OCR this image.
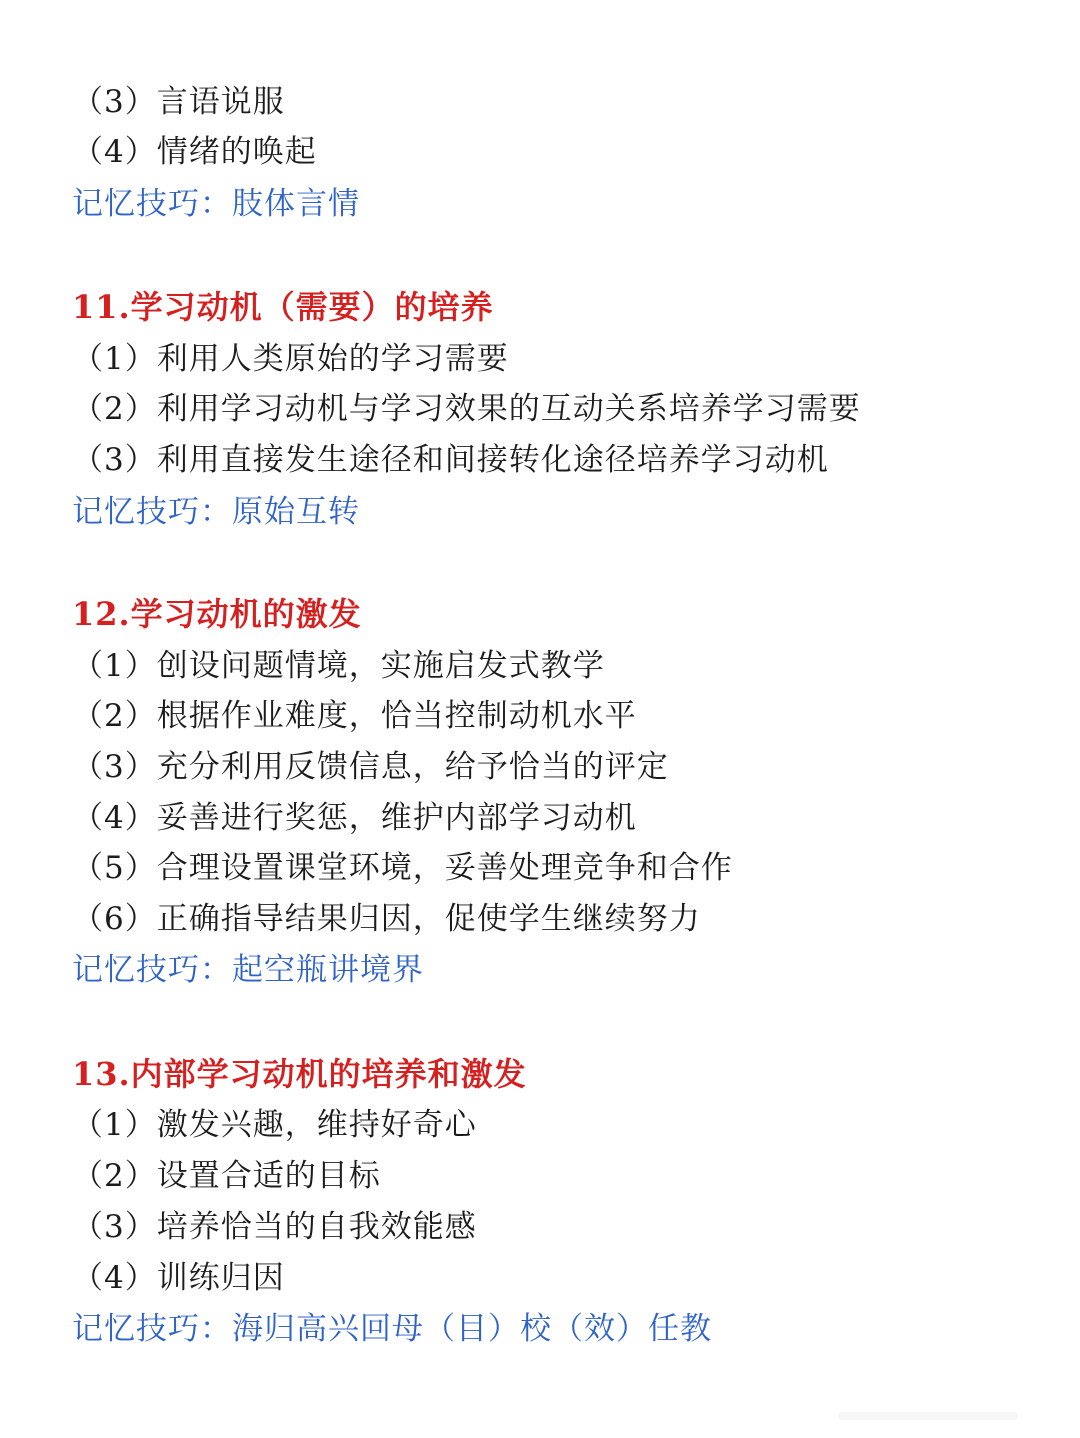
（3）言语说服
（4）情绪的唤起
记忆技巧：肢体言情
11.学习动机（需要）的培养
（1）利用人类原始的学习需要
（2）利用学习动机与学习效果的互动关系培养学习需要
（3）利用直接发生途径和间接转化途径培养学习动机
记忆技巧：原始互转
12.学习动机的激发
（1）创设问题情境，实施启发式教学
（2）根据作业难度，恰当控制动机水平
（3）充分利用反馈信息，给予恰当的评定
（4）妥善进行奖惩，维护内部学习动机
（5）合理设置课堂环境，妥善处理竞争和合作
（6）正确指导结果归因，促使学生继续努力
记忆技巧：起空瓶讲境界
13.内部学习动机的培养和激发
（1）激发兴趣，维持好奇心
（2）设置合适的目标
（3）培养恰当的自我效能感
（4）训练归因
记忆技巧：海归高兴回母（目）校（效）任教
